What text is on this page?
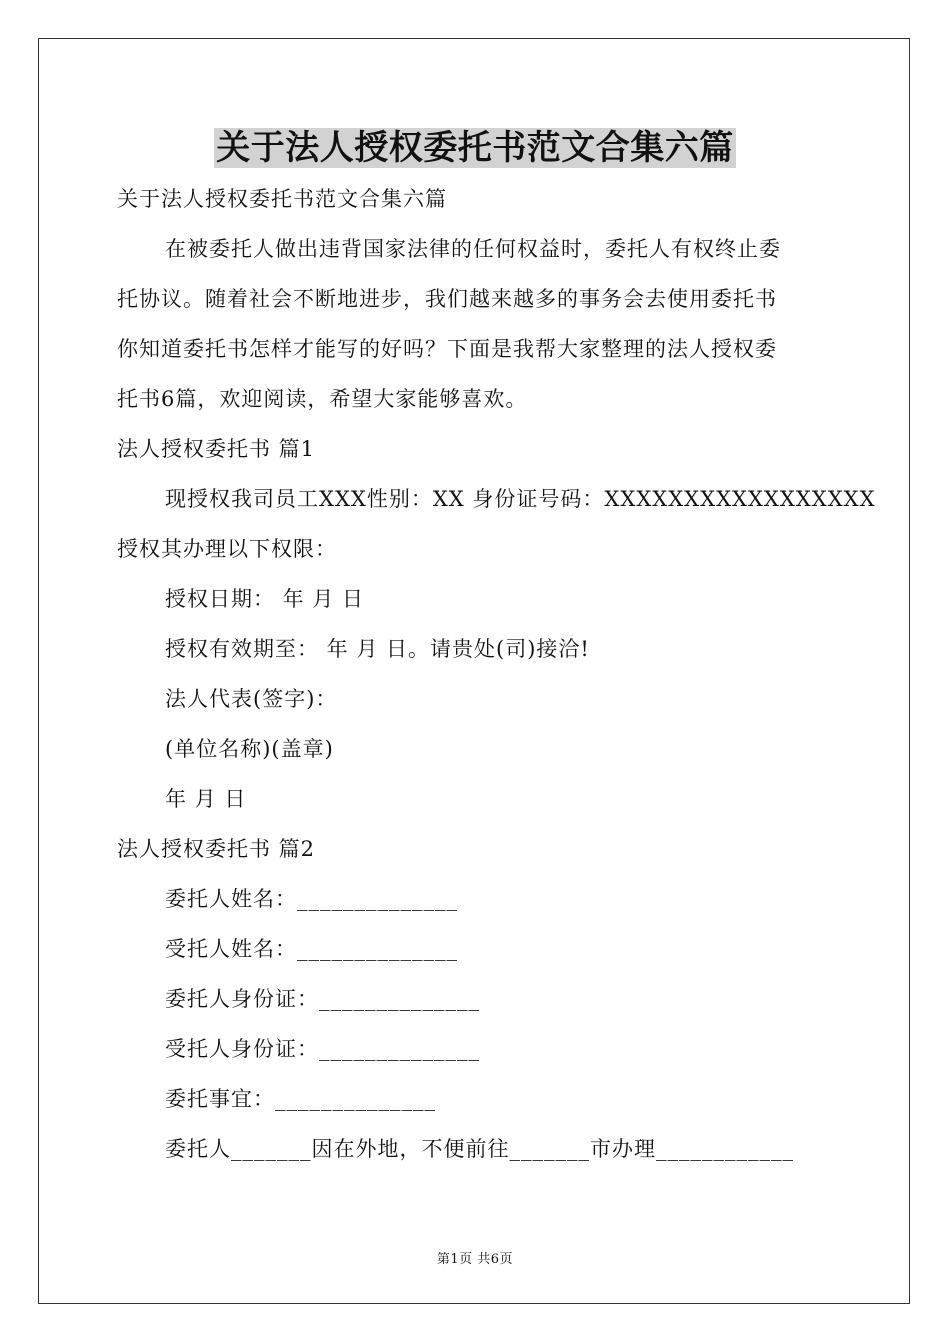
关于法人授权委托书范文合集六篇
关于法人授权委托书范文合集六篇
在被委托人做出违背国家法律的任何权益时，委托人有权终止委
托协议。随着社会不断地进步，我们越来越多的事务会去使用委托书
你知道委托书怎样才能写的好吗？下面是我帮大家整理的法人授权委
托书6篇，欢迎阅读，希望大家能够喜欢。
法人授权委托书 篇1
现授权我司员工XXX性别：XX 身份证号码：XXXXXXXXXXXXXXXXX
授权其办理以下权限：
授权日期： 年 月 日
授权有效期至： 年 月 日。请贵处(司)接洽!
法人代表(签字)：
(单位名称)(盖章)
年 月 日
法人授权委托书 篇2
委托人姓名：______________
受托人姓名：______________
委托人身份证：______________
受托人身份证：______________
委托事宜：______________
委托人_______因在外地，不便前往_______市办理____________
第1页 共6页
